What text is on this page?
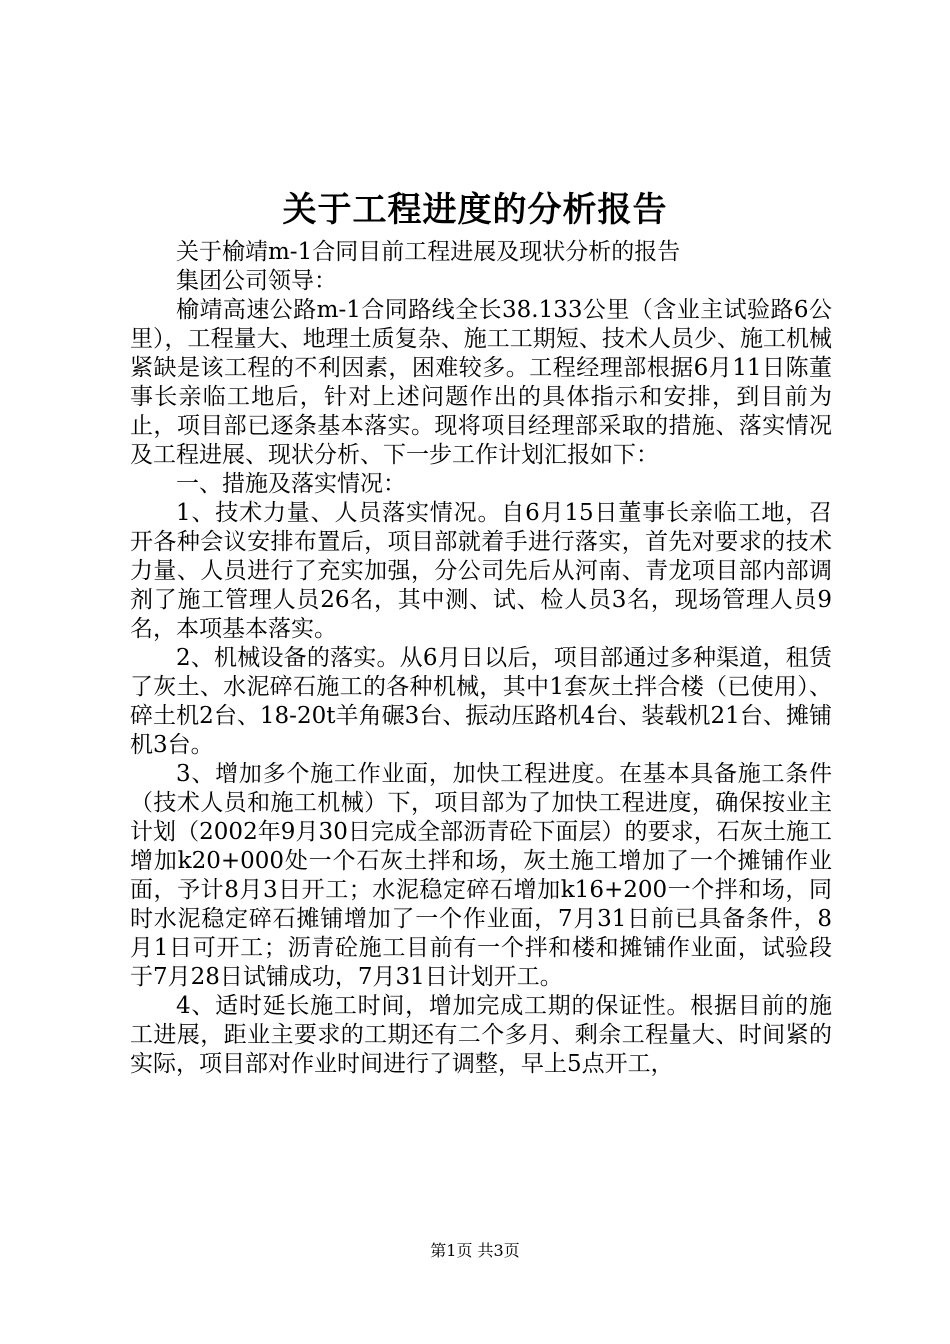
关于工程进度的分析报告

关于榆靖m-1合同目前工程进展及现状分析的报告

集团公司领导：

榆靖高速公路m-1合同路线全长38.133公里（含业主试验路6公里），工程量大、地理土质复杂、施工工期短、技术人员少、施工机械紧缺是该工程的不利因素，困难较多。工程经理部根据6月11日陈董事长亲临工地后，针对上述问题作出的具体指示和安排，到目前为止，项目部已逐条基本落实。现将项目经理部采取的措施、落实情况及工程进展、现状分析、下一步工作计划汇报如下：

一、措施及落实情况：

1、技术力量、人员落实情况。自6月15日董事长亲临工地，召开各种会议安排布置后，项目部就着手进行落实，首先对要求的技术力量、人员进行了充实加强，分公司先后从河南、青龙项目部内部调剂了施工管理人员26名，其中测、试、检人员3名，现场管理人员9名，本项基本落实。

2、机械设备的落实。从6月日以后，项目部通过多种渠道，租赁了灰土、水泥碎石施工的各种机械，其中1套灰土拌合楼（已使用）、碎土机2台、18-20t羊角碾3台、振动压路机4台、装载机21台、摊铺机3台。

3、增加多个施工作业面，加快工程进度。在基本具备施工条件（技术人员和施工机械）下，项目部为了加快工程进度，确保按业主计划（2002年9月30日完成全部沥青砼下面层）的要求，石灰土施工增加k20+000处一个石灰土拌和场，灰土施工增加了一个摊铺作业面，予计8月3日开工；水泥稳定碎石增加k16+200一个拌和场，同时水泥稳定碎石摊铺增加了一个作业面，7月31日前已具备条件，8月1日可开工；沥青砼施工目前有一个拌和楼和摊铺作业面，试验段于7月28日试铺成功，7月31日计划开工。

4、适时延长施工时间，增加完成工期的保证性。根据目前的施工进展，距业主要求的工期还有二个多月、剩余工程量大、时间紧的实际，项目部对作业时间进行了调整，早上5点开工，

第1页 共3页
